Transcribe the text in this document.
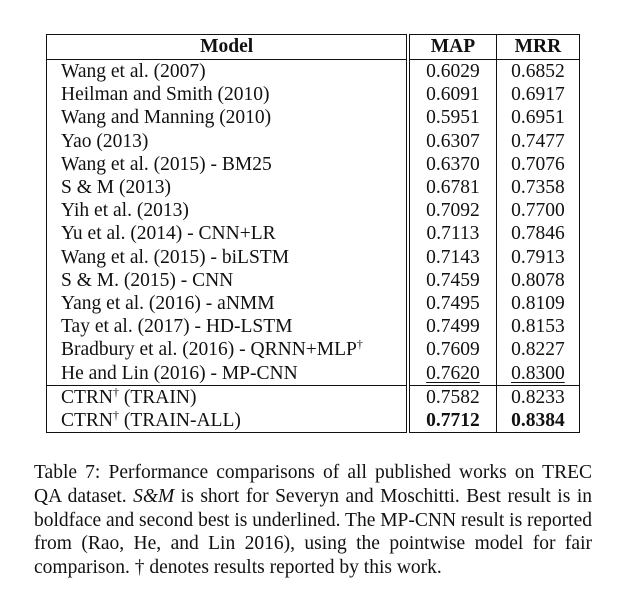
Model	MAP	MRR
Wang et al. (2007)	0.6029	0.6852
Heilman and Smith (2010)	0.6091	0.6917
Wang and Manning (2010)	0.5951	0.6951
Yao (2013)	0.6307	0.7477
Wang et al. (2015) - BM25	0.6370	0.7076
S & M (2013)	0.6781	0.7358
Yih et al. (2013)	0.7092	0.7700
Yu et al. (2014) - CNN+LR	0.7113	0.7846
Wang et al. (2015) - biLSTM	0.7143	0.7913
S & M. (2015) - CNN	0.7459	0.8078
Yang et al. (2016) - aNMM	0.7495	0.8109
Tay et al. (2017) - HD-LSTM	0.7499	0.8153
Bradbury et al. (2016) - QRNN+MLP†	0.7609	0.8227
He and Lin (2016) - MP-CNN	0.7620	0.8300
CTRN† (TRAIN)	0.7582	0.8233
CTRN† (TRAIN-ALL)	0.7712	0.8384
Table 7: Performance comparisons of all published works on TREC QA dataset. S&M is short for Severyn and Moschitti. Best result is in boldface and second best is underlined. The MP-CNN result is reported from (Rao, He, and Lin 2016), using the pointwise model for fair comparison. † denotes results reported by this work.
